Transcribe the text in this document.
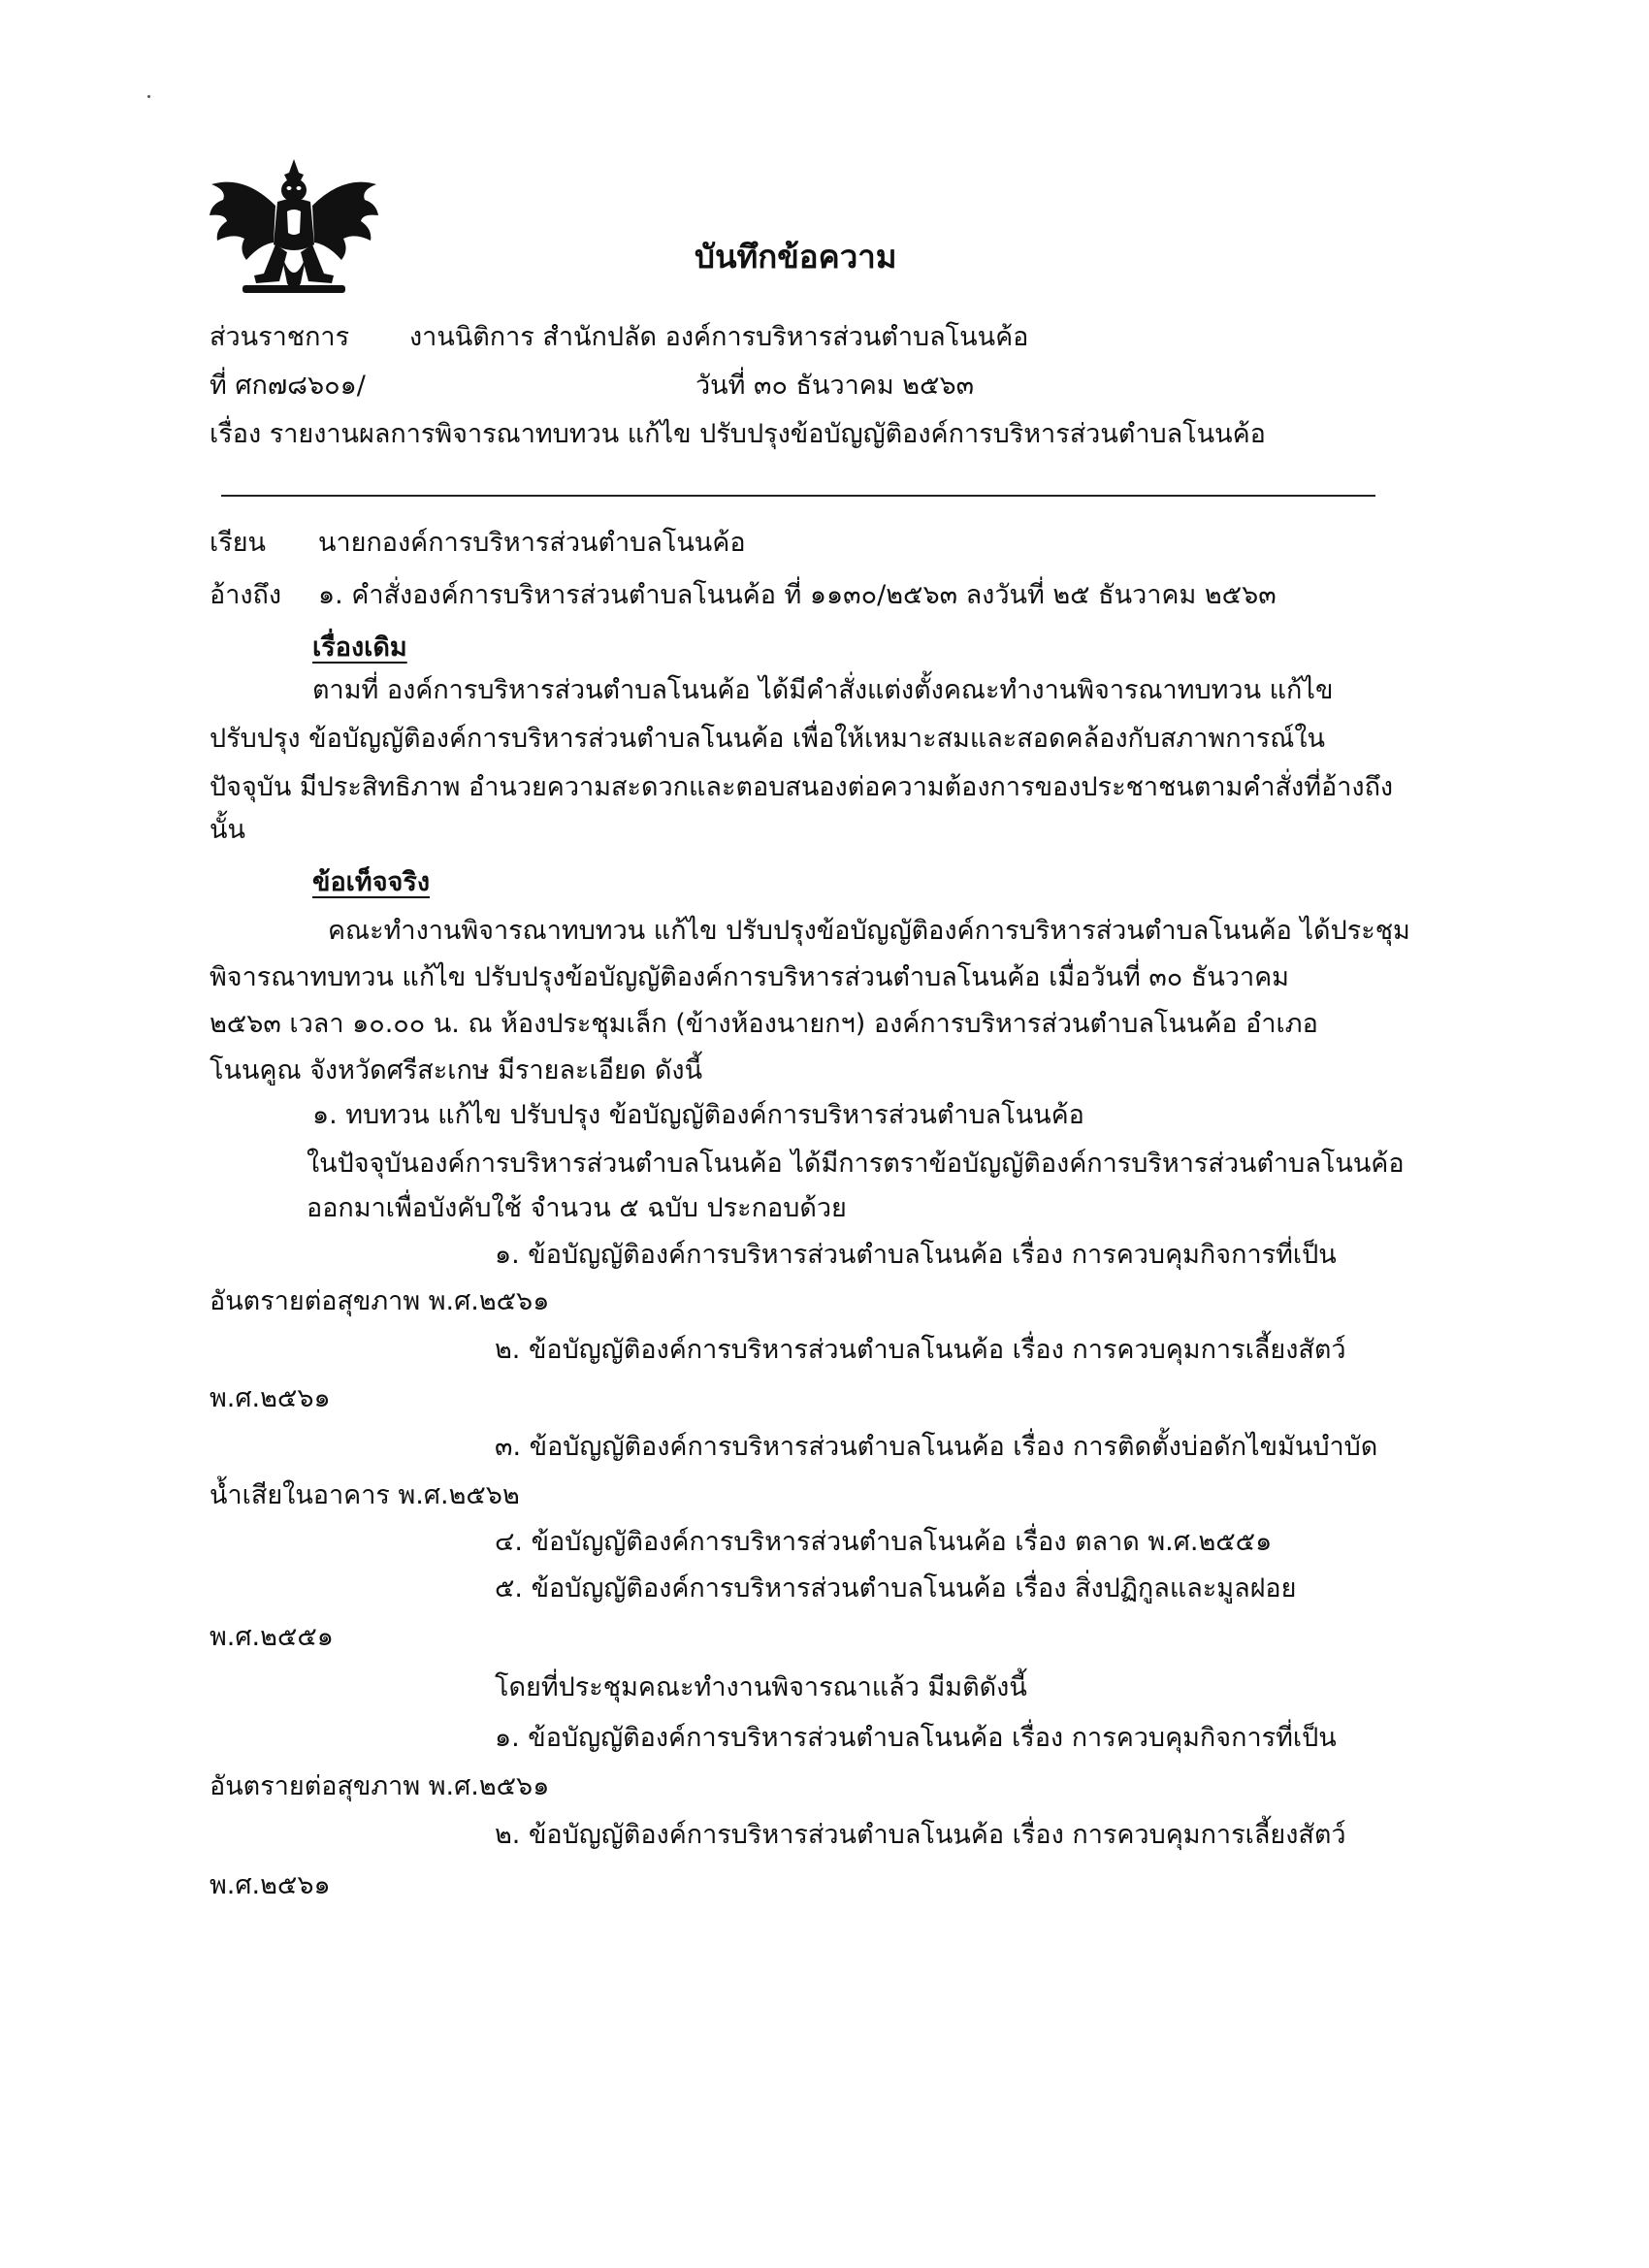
บันทึกข้อความ
ส่วนราชการ งานนิติการ สำนักปลัด องค์การบริหารส่วนตำบลโนนค้อ
ที่ ศก๗๘๖๐๑/	วันที่ ๓๐ ธันวาคม ๒๕๖๓
เรื่อง รายงานผลการพิจารณาทบทวน แก้ไข ปรับปรุงข้อบัญญัติองค์การบริหารส่วนตำบลโนนค้อ
เรียน นายกองค์การบริหารส่วนตำบลโนนค้อ
อ้างถึง ๑. คำสั่งองค์การบริหารส่วนตำบลโนนค้อ ที่ ๑๑๓๐/๒๕๖๓ ลงวันที่ ๒๕ ธันวาคม ๒๕๖๓
เรื่องเดิม
ตามที่ องค์การบริหารส่วนตำบลโนนค้อ ได้มีคำสั่งแต่งตั้งคณะทำงานพิจารณาทบทวน แก้ไข
ปรับปรุง ข้อบัญญัติองค์การบริหารส่วนตำบลโนนค้อ เพื่อให้เหมาะสมและสอดคล้องกับสภาพการณ์ใน
ปัจจุบัน มีประสิทธิภาพ อำนวยความสะดวกและตอบสนองต่อความต้องการของประชาชนตามคำสั่งที่อ้างถึง
นั้น
ข้อเท็จจริง
คณะทำงานพิจารณาทบทวน แก้ไข ปรับปรุงข้อบัญญัติองค์การบริหารส่วนตำบลโนนค้อ ได้ประชุม
พิจารณาทบทวน แก้ไข ปรับปรุงข้อบัญญัติองค์การบริหารส่วนตำบลโนนค้อ เมื่อวันที่ ๓๐ ธันวาคม
๒๕๖๓ เวลา ๑๐.๐๐ น. ณ ห้องประชุมเล็ก (ข้างห้องนายกฯ) องค์การบริหารส่วนตำบลโนนค้อ อำเภอ
โนนคูณ จังหวัดศรีสะเกษ มีรายละเอียด ดังนี้
๑. ทบทวน แก้ไข ปรับปรุง ข้อบัญญัติองค์การบริหารส่วนตำบลโนนค้อ
ในปัจจุบันองค์การบริหารส่วนตำบลโนนค้อ ได้มีการตราข้อบัญญัติองค์การบริหารส่วนตำบลโนนค้อ
ออกมาเพื่อบังคับใช้ จำนวน ๕ ฉบับ ประกอบด้วย
๑. ข้อบัญญัติองค์การบริหารส่วนตำบลโนนค้อ เรื่อง การควบคุมกิจการที่เป็น
อันตรายต่อสุขภาพ พ.ศ.๒๕๖๑
๒. ข้อบัญญัติองค์การบริหารส่วนตำบลโนนค้อ เรื่อง การควบคุมการเลี้ยงสัตว์
พ.ศ.๒๕๖๑
๓. ข้อบัญญัติองค์การบริหารส่วนตำบลโนนค้อ เรื่อง การติดตั้งบ่อดักไขมันบำบัด
น้ำเสียในอาคาร พ.ศ.๒๕๖๒
๔. ข้อบัญญัติองค์การบริหารส่วนตำบลโนนค้อ เรื่อง ตลาด พ.ศ.๒๕๕๑
๕. ข้อบัญญัติองค์การบริหารส่วนตำบลโนนค้อ เรื่อง สิ่งปฏิกูลและมูลฝอย
พ.ศ.๒๕๕๑
โดยที่ประชุมคณะทำงานพิจารณาแล้ว มีมติดังนี้
๑. ข้อบัญญัติองค์การบริหารส่วนตำบลโนนค้อ เรื่อง การควบคุมกิจการที่เป็น
อันตรายต่อสุขภาพ พ.ศ.๒๕๖๑
๒. ข้อบัญญัติองค์การบริหารส่วนตำบลโนนค้อ เรื่อง การควบคุมการเลี้ยงสัตว์
พ.ศ.๒๕๖๑
